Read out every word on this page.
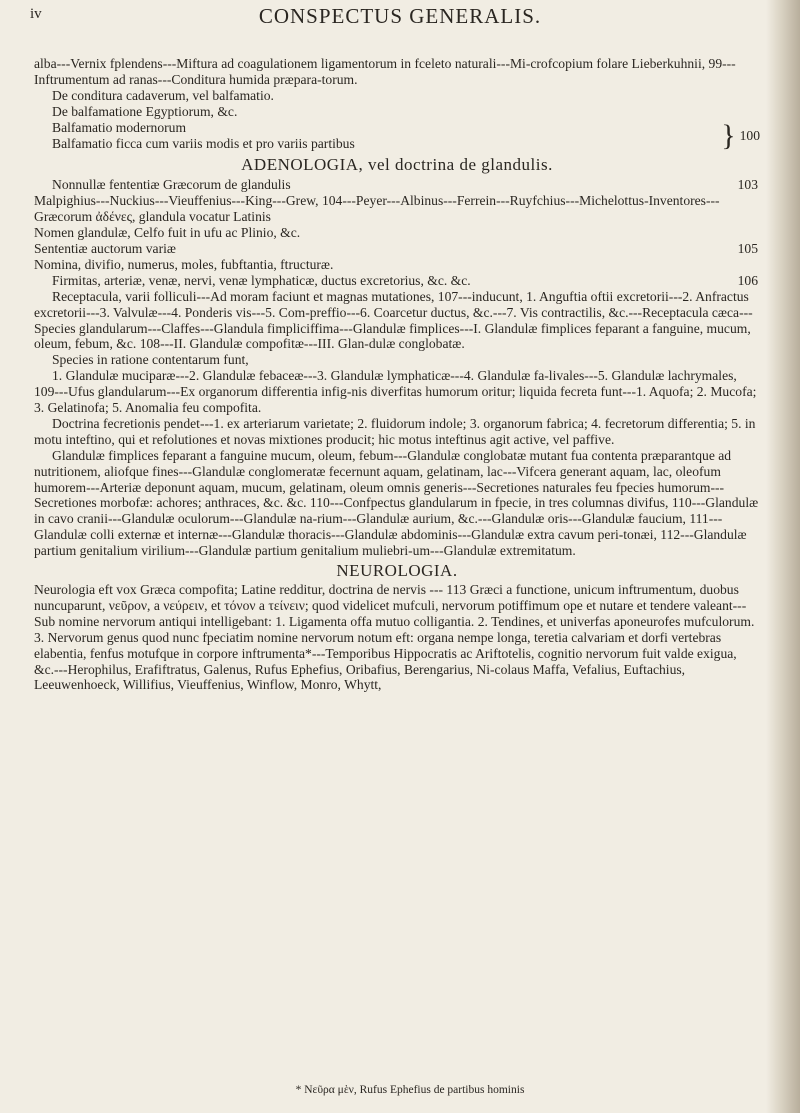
iv	CONSPECTUS GENERALIS.

alba---Vernix fplendens---Miftura ad coagulationem ligamentorum in fceleto naturali---Mi-crofcopium folare Lieberkuhnii, 99---Inftrumentum ad ranas---Conditura humida præpara-torum.

De conditura cadaverum, vel balfamatio.

De balfamatione Egyptiorum, &c.

Balfamatio modernorum

Balfamatio ficca cum variis modis et pro variis partibus	} 100
ADENOLOGIA, vel doctrina de glandulis.
Nonnullæ fententiæ Græcorum de glandulis	103

Malpighius---Nuckius---Vieuffenius---King---Grew, 104---Peyer---Albinus---Ferrein---Ruyfchius---Michelottus-Inventores---Græcorum ἀδένες, glandula vocatur Latinis

Nomen glandulæ, Celfo fuit in ufu ac Plinio, &c.

Sententiæ auctorum variæ	105

Nomina, divifio, numerus, moles, fubftantia, ftructuræ.

Firmitas, arteriæ, venæ, nervi, venæ lymphaticæ, ductus excretorius, &c. &c.	106

Receptacula, varii folliculi---Ad moram faciunt et magnas mutationes, 107---inducunt, 1. Anguftia oftii excretorii---2. Anfractus excretorii---3. Valvulæ---4. Ponderis vis---5. Com-preffio---6. Coarcetur ductus, &c.---7. Vis contractilis, &c.---Receptacula cæca---Species glandularum---Claffes---Glandula fimpliciffima---Glandulæ fimplices---I. Glandulæ fimplices feparant a fanguine, mucum, oleum, febum, &c. 108---II. Glandulæ compofitæ---III. Glan-dulæ conglobatæ.

Species in ratione contentarum funt,

1. Glandulæ muciparæ---2. Glandulæ febaceæ---3. Glandulæ lymphaticæ---4. Glandulæ fa-livales---5. Glandulæ lachrymales, 109---Ufus glandularum---Ex organorum differentia infig-nis diverfitas humorum oritur; liquida fecreta funt---1. Aquofa; 2. Mucofa; 3. Gelatinofa; 5. Anomalia feu compofita.

Doctrina fecretionis pendet---1. ex arteriarum varietate; 2. fluidorum indole; 3. organorum fabrica; 4. fecretorum differentia; 5. in motu inteftino, qui et refolutiones et novas mixtiones producit; hic motus inteftinus agit active, vel paffive.

Glandulæ fimplices feparant a fanguine mucum, oleum, febum---Glandulæ conglobatæ mutant fua contenta præparantque ad nutritionem, aliofque fines---Glandulæ conglomeratæ fecernunt aquam, gelatinam, lac---Vifcera generant aquam, lac, oleofum humorem---Arteriæ deponunt aquam, mucum, gelatinam, oleum omnis generis---Secretiones naturales feu fpecies humorum---Secretiones morbofæ: achores; anthraces, &c. &c. 110---Confpectus glandularum in fpecie, in tres columnas divifus, 110---Glandulæ in cavo cranii---Glandulæ oculorum---Glandulæ na-rium---Glandulæ aurium, &c.---Glandulæ oris---Glandulæ faucium, 111---Glandulæ colli externæ et internæ---Glandulæ thoracis---Glandulæ abdominis---Glandulæ extra cavum peri-tonæi, 112---Glandulæ partium genitalium virilium---Glandulæ partium genitalium muliebri-um---Glandulæ extremitatum.

NEUROLOGIA.

Neurologia eft vox Græca compofita; Latine redditur, doctrina de nervis --- 113 Græci a functione, unicum inftrumentum, duobus nuncuparunt, νεῦρον, a νεύρειν, et τόνον a τείνειν; quod videlicet mufculi, nervorum potiffimum ope et nutare et tendere valeant---Sub nomine nervorum antiqui intelligebant: 1. Ligamenta offa mutuo colligantia. 2. Tendines, et univerfas aponeurofes mufculorum. 3. Nervorum genus quod nunc fpeciatim nomine nervorum notum eft: organa nempe longa, teretia calvariam et dorfi vertebras elabentia, fenfus motufque in corpore inftrumenta*---Temporibus Hippocratis ac Ariftotelis, cognitio nervorum fuit valde exigua, &c.---Herophilus, Erafiftratus, Galenus, Rufus Ephefius, Oribafius, Berengarius, Ni-colaus Maffa, Vefalius, Euftachius, Leeuwenhoeck, Willifius, Vieuffenius, Winflow, Monro, Whytt,

* Νεῦρα μὲν, Rufus Ephefius de partibus hominis
